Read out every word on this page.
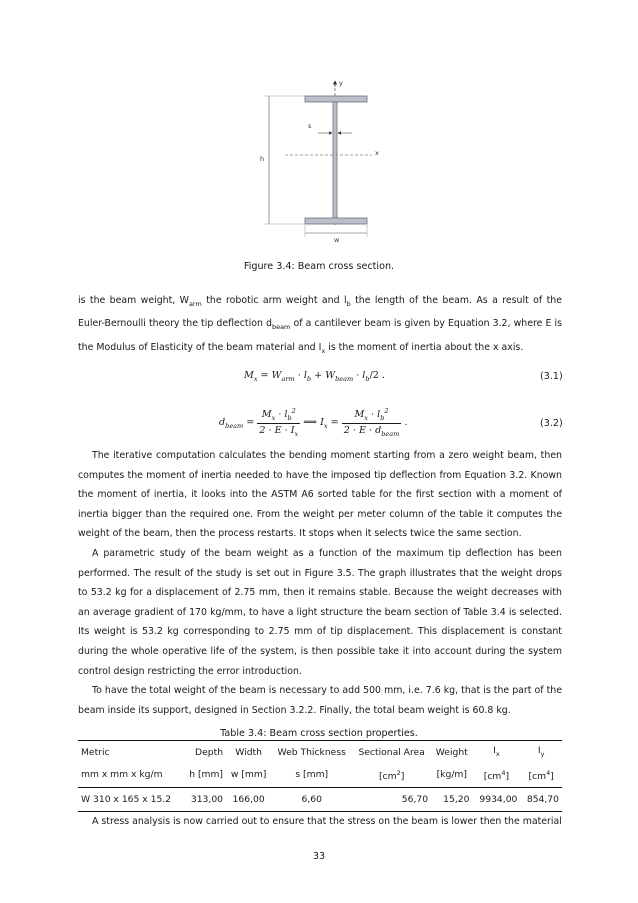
y
x
s
h
w
Figure 3.4: Beam cross section.

is the beam weight, $W_{arm}$ the robotic arm weight and $l_b$ the length of the beam. As a result of the Euler-Bernoulli theory the tip deflection $d_{beam}$ of a cantilever beam is given by Equation 3.2, where E is the Modulus of Elasticity of the beam material and $I_x$ is the moment of inertia about the x axis.

$M_x = W_{arm} \cdot l_b + W_{beam} \cdot l_b/2$ .	(3.1)
$d_{beam} = \frac{M_x \cdot l_b^2}{2 \cdot E \cdot I_x}$ ⟹ $I_x = \frac{M_x \cdot l_b^2}{2 \cdot E \cdot d_{beam}}$ .	(3.2)

The iterative computation calculates the bending moment starting from a zero weight beam, then computes the moment of inertia needed to have the imposed tip deflection from Equation 3.2. Known the moment of inertia, it looks into the ASTM A6 sorted table for the first section with a moment of inertia bigger than the required one. From the weight per meter column of the table it computes the weight of the beam, then the process restarts. It stops when it selects twice the same section.

A parametric study of the beam weight as a function of the maximum tip deflection has been performed. The result of the study is set out in Figure 3.5. The graph illustrates that the weight drops to 53.2 kg for a displacement of 2.75 mm, then it remains stable. Because the weight decreases with an average gradient of 170 kg/mm, to have a light structure the beam section of Table 3.4 is selected. Its weight is 53.2 kg corresponding to 2.75 mm of tip displacement. This displacement is constant during the whole operative life of the system, is then possible take it into account during the system control design restricting the error introduction.

To have the total weight of the beam is necessary to add 500 mm, i.e. 7.6 kg, that is the part of the beam inside its support, designed in Section 3.2.2. Finally, the total beam weight is 60.8 kg.

Table 3.4: Beam cross section properties.
Metric	Depth	Width	Web Thickness	Sectional Area	Weight	$I_x$	$I_y$
mm x mm x kg/m	h [mm]	w [mm]	s [mm]	$[cm^2]$	[kg/m]	$[cm^4]$	$[cm^4]$
W 310 x 165 x 15.2	313,00	166,00	6,60	56,70	15,20	9934,00	854,70

A stress analysis is now carried out to ensure that the stress on the beam is lower then the material

33
